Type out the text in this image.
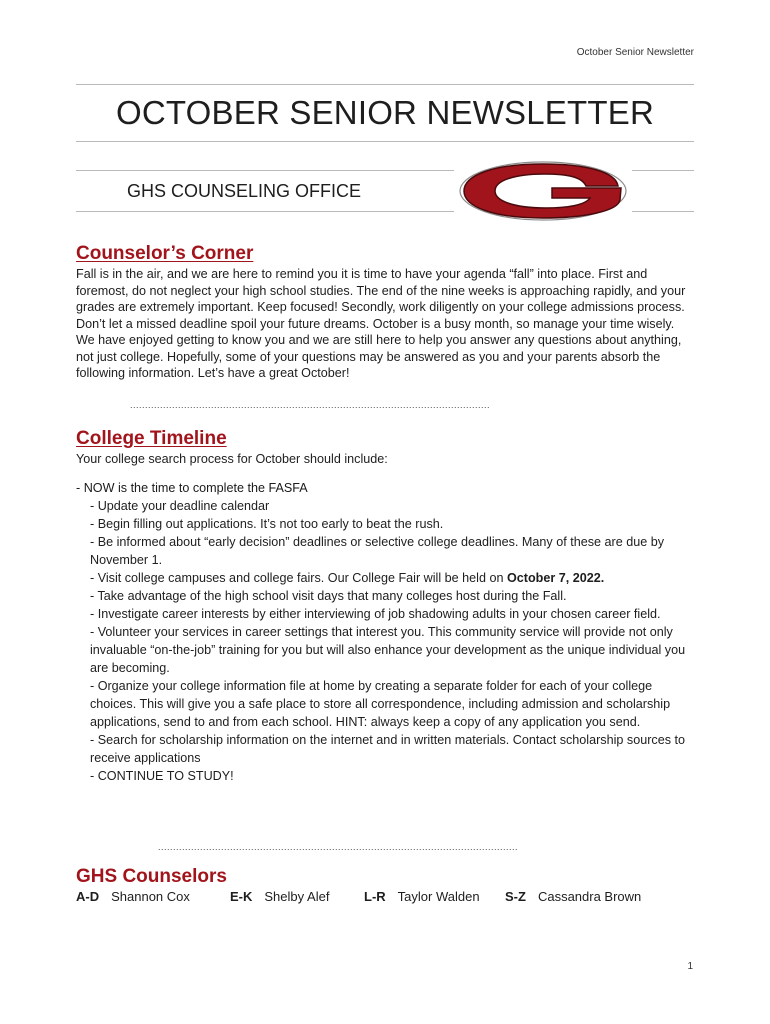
October Senior Newsletter
OCTOBER SENIOR NEWSLETTER
GHS COUNSELING OFFICE
Counselor’s Corner

Fall is in the air, and we are here to remind you it is time to have your agenda “fall” into place. First and foremost, do not neglect your high school studies. The end of the nine weeks is approaching rapidly, and your grades are extremely important. Keep focused! Secondly, work diligently on your college admissions process. Don’t let a missed deadline spoil your future dreams. October is a busy month, so manage your time wisely. We have enjoyed getting to know you and we are still here to help you answer any questions about anything, not just college. Hopefully, some of your questions may be answered as you and your parents absorb the following information. Let’s have a great October!

........................................................................................................................
College Timeline

Your college search process for October should include:

- NOW is the time to complete the FASFA
- Update your deadline calendar
- Begin filling out applications. It’s not too early to beat the rush.
- Be informed about “early decision” deadlines or selective college deadlines. Many of these are due by November 1.
- Visit college campuses and college fairs. Our College Fair will be held on October 7, 2022.
- Take advantage of the high school visit days that many colleges host during the Fall.
- Investigate career interests by either interviewing of job shadowing adults in your chosen career field.
- Volunteer your services in career settings that interest you. This community service will provide not only invaluable “on-the-job” training for you but will also enhance your development as the unique individual you are becoming.
- Organize your college information file at home by creating a separate folder for each of your college choices. This will give you a safe place to store all correspondence, including admission and scholarship applications, send to and from each school. HINT: always keep a copy of any application you send.
- Search for scholarship information on the internet and in written materials. Contact scholarship sources to receive applications
- CONTINUE TO STUDY!
........................................................................................................................
GHS Counselors
A-D Shannon Cox	E-K Shelby Alef	L-R Taylor Walden	S-Z Cassandra Brown
1
